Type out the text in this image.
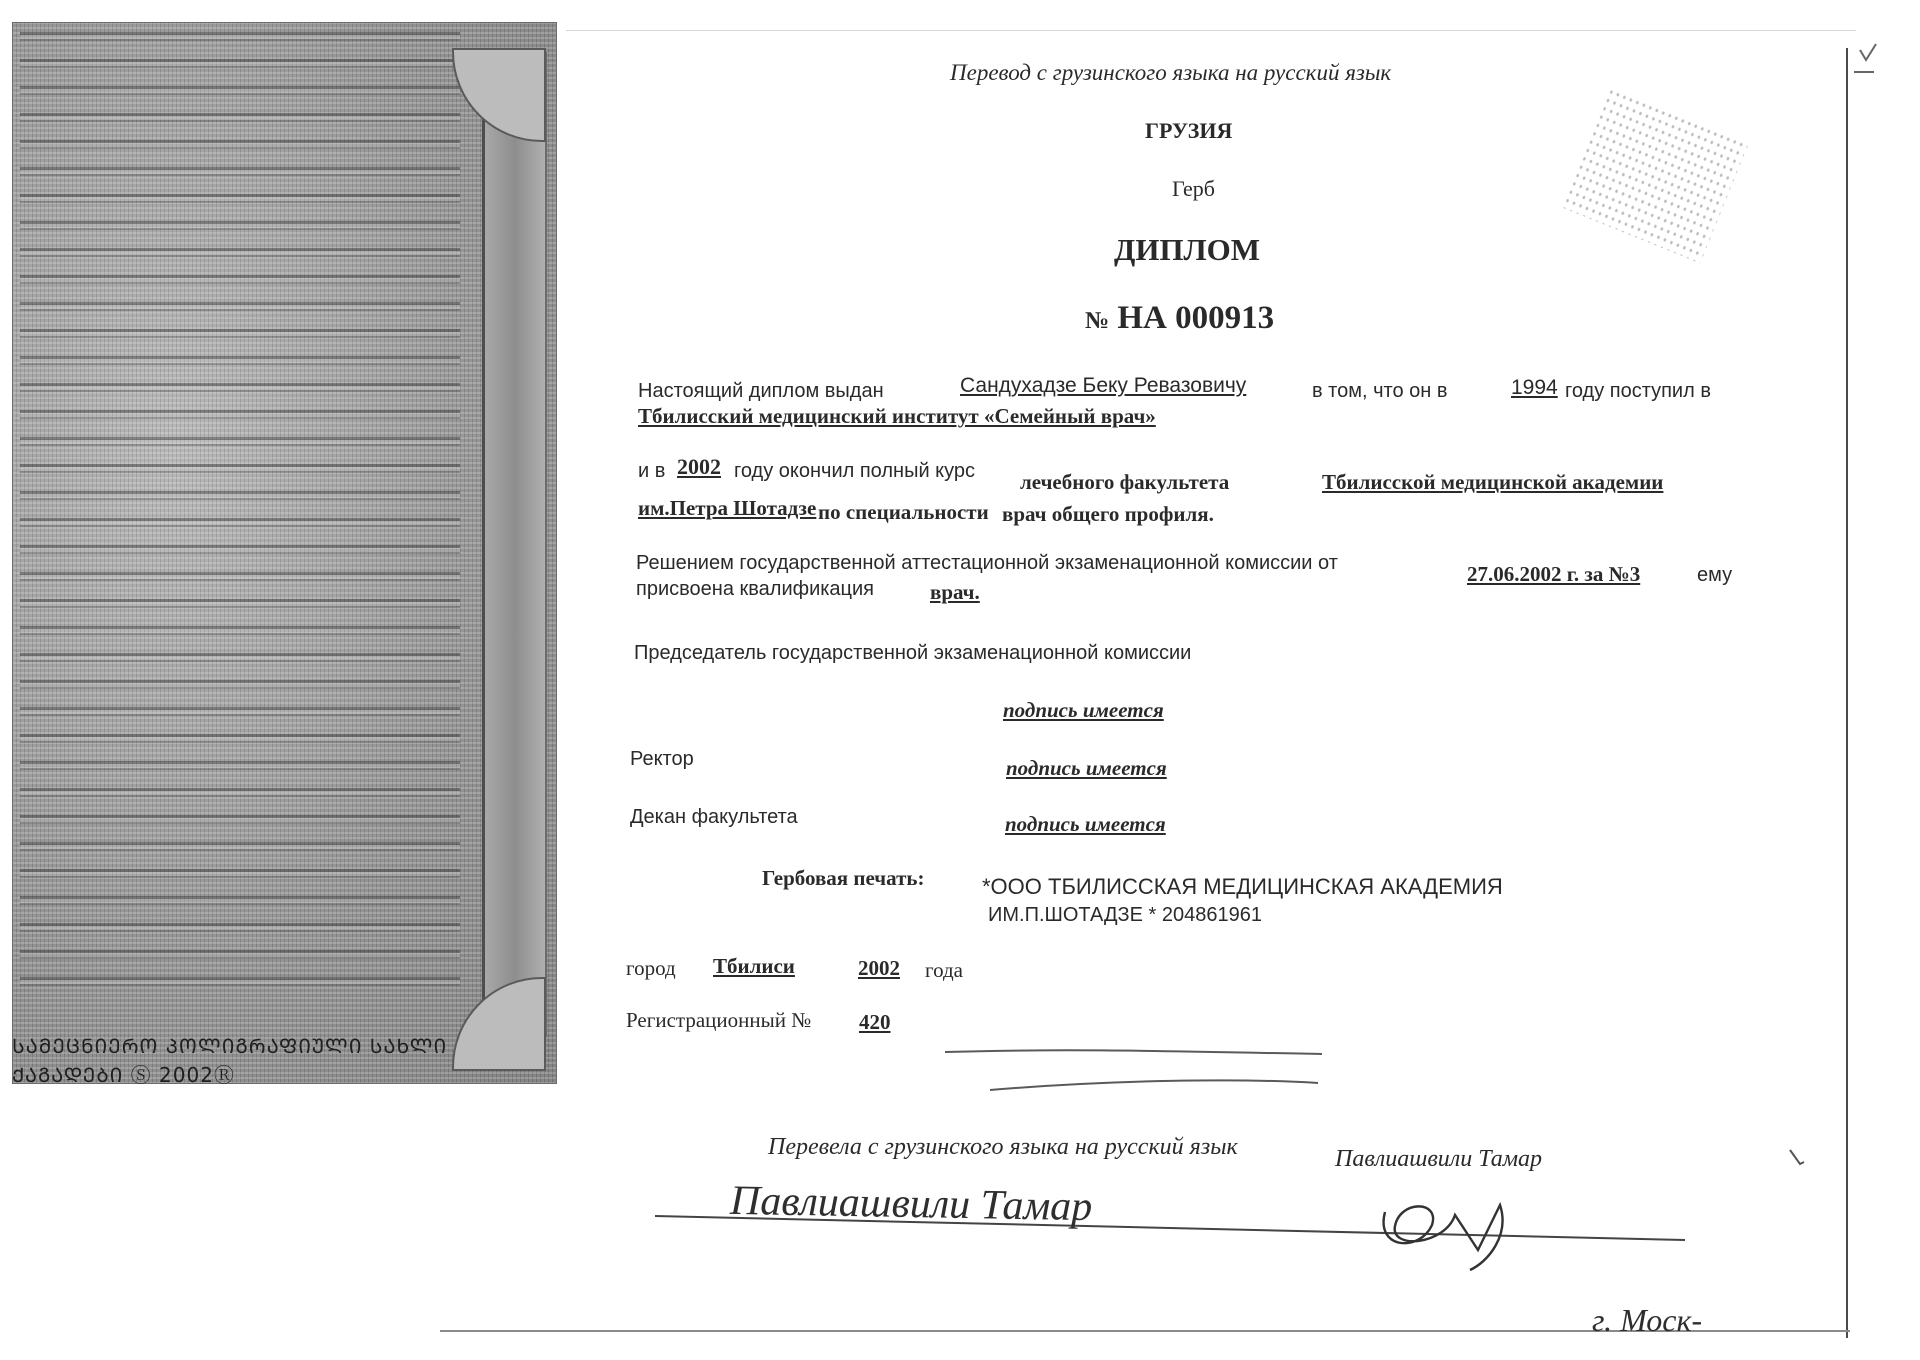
ᲡᲐᲛᲔᲪᲜᲘᲔᲠᲝ ᲞᲝᲚᲘᲒᲠᲐᲤᲘᲣᲚᲘ ᲡᲐᲮᲚᲘ ᲥᲐᲒᲐᲓᲔᲑᲘ Ⓢ 2002Ⓡ
Перевод с грузинского языка на русский язык
ГРУЗИЯ
Герб
ДИПЛОМ
№ НА 000913
Настоящий диплом выдан	Сандухадзе Беку Ревазовичу	в том, что он в	1994 году поступил в
Тбилисский медицинский институт «Семейный врач»
и в 2002 году окончил полный курс лечебного факультета	Тбилисской медицинской академии
им.Петра Шотадзе по специальности врач общего профиля.
Решением государственной аттестационной экзаменационной комиссии от	27.06.2002 г. за №3	ему
присвоена квалификация	врач.
Председатель государственной экзаменационной комиссии
подпись имеется
Ректор	подпись имеется
Декан факультета	подпись имеется
Гербовая печать:	*ООО ТБИЛИССКАЯ МЕДИЦИНСКАЯ АКАДЕМИЯ
ИМ.П.ШОТАДЗЕ * 204861961
город Тбилиси	2002 года
Регистрационный № 420
Перевела с грузинского языка на русский язык	Павлиашвили Тамар
Павлиашвили Тамар
г. Моск-
